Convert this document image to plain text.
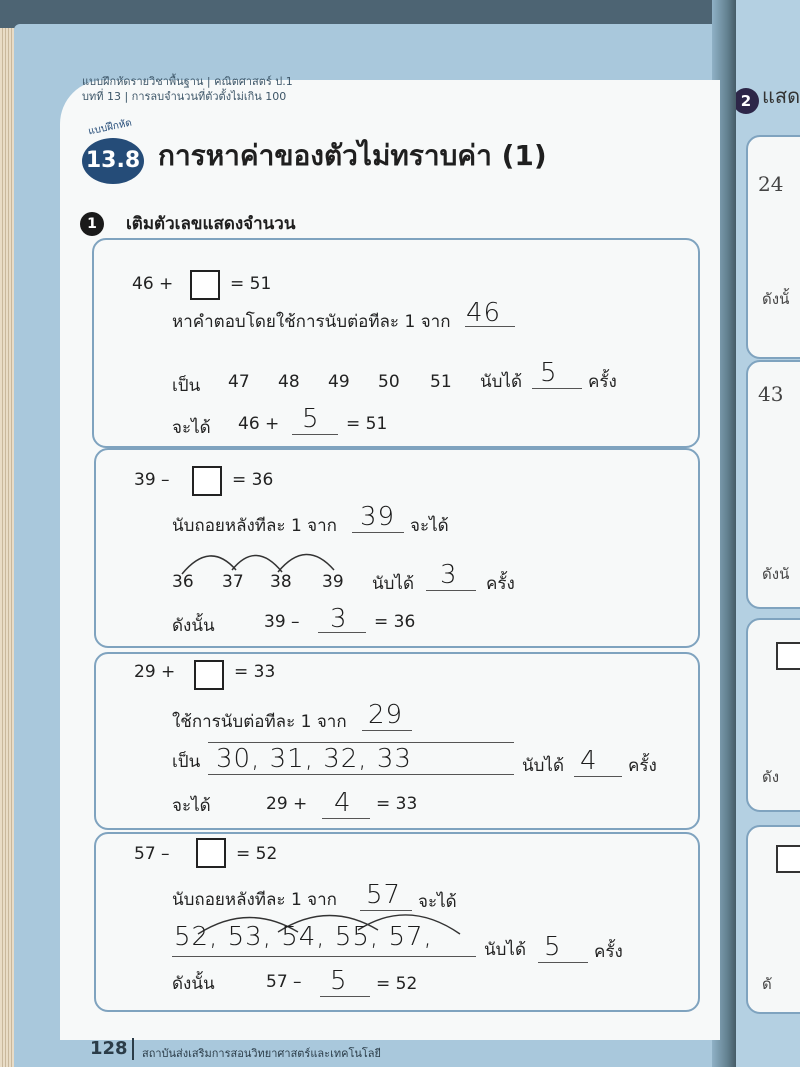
2 แสด
24
ดังนั้
43
ดังนั
ดัง
ดั
แบบฝึกหัดรายวิชาพื้นฐาน | คณิตศาสตร์ ป.1
บทที่ 13 | การลบจำนวนที่ตัวตั้งไม่เกิน 100
แบบฝึกหัด
13.8 การหาค่าของตัวไม่ทราบค่า (1)
1	เติมตัวเลขแสดงจำนวน
46 +	= 51
หาคำตอบโดยใช้การนับต่อทีละ 1 จาก 46
เป็น 47 48 49 50 51 นับได้ 5 ครั้ง
จะได้ 46 + 5 = 51
39 –	= 36
นับถอยหลังทีละ 1 จาก 39 จะได้
36 37 38 39 นับได้ 3 ครั้ง
ดังนั้น	39 – 3 = 36
29 +	= 33
ใช้การนับต่อทีละ 1 จาก 29
เป็น 30, 31, 32, 33	นับได้ 4 ครั้ง
จะได้	29 + 4 = 33
57 –	= 52
นับถอยหลังทีละ 1 จาก 57 จะได้
52, 53, 54, 55, 57,	นับได้ 5 ครั้ง
ดังนั้น	57 – 5 = 52
128 สถาบันส่งเสริมการสอนวิทยาศาสตร์และเทคโนโลยี
